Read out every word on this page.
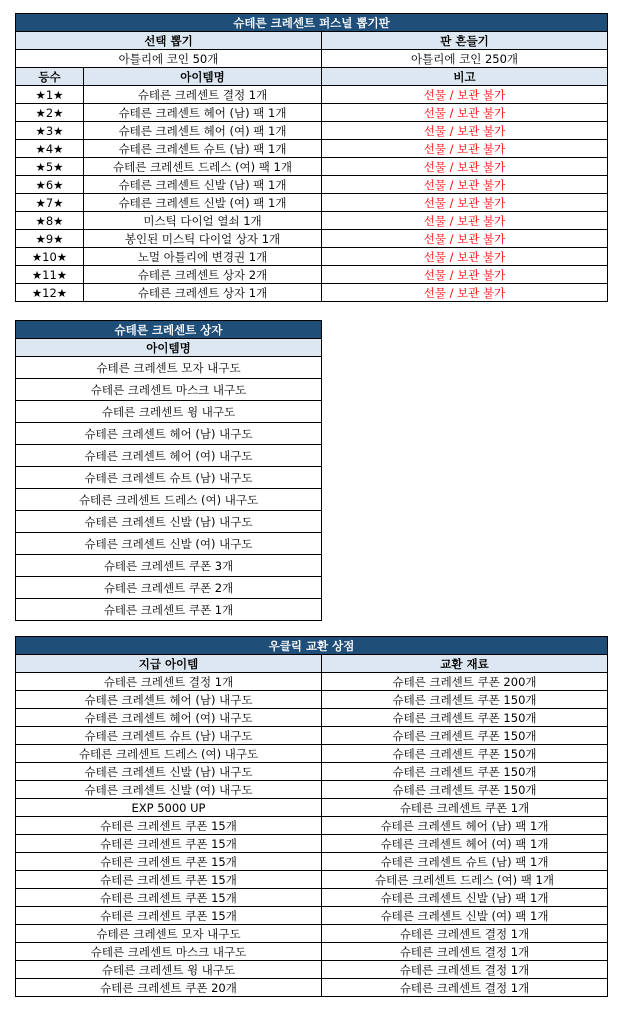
슈테른 크레센트 퍼스널 뽑기판		
선택 뽑기		판 흔들기
아틀리에 코인 50개		아틀리에 코인 250개
등수	아이템명	비고
★1★	슈테른 크레센트 결정 1개	선물 / 보관 불가
★2★	슈테른 크레센트 헤어 (남) 팩 1개	선물 / 보관 불가
★3★	슈테른 크레센트 헤어 (여) 팩 1개	선물 / 보관 불가
★4★	슈테른 크레센트 슈트 (남) 팩 1개	선물 / 보관 불가
★5★	슈테른 크레센트 드레스 (여) 팩 1개	선물 / 보관 불가
★6★	슈테른 크레센트 신발 (남) 팩 1개	선물 / 보관 불가
★7★	슈테른 크레센트 신발 (여) 팩 1개	선물 / 보관 불가
★8★	미스틱 다이얼 열쇠 1개	선물 / 보관 불가
★9★	봉인된 미스틱 다이얼 상자 1개	선물 / 보관 불가
★10★	노멀 아틀리에 변경권 1개	선물 / 보관 불가
★11★	슈테른 크레센트 상자 2개	선물 / 보관 불가
★12★	슈테른 크레센트 상자 1개	선물 / 보관 불가
슈테른 크레센트 상자
아이템명
슈테른 크레센트 모자 내구도
슈테른 크레센트 마스크 내구도
슈테른 크레센트 윙 내구도
슈테른 크레센트 헤어 (남) 내구도
슈테른 크레센트 헤어 (여) 내구도
슈테른 크레센트 슈트 (남) 내구도
슈테른 크레센트 드레스 (여) 내구도
슈테른 크레센트 신발 (남) 내구도
슈테른 크레센트 신발 (여) 내구도
슈테른 크레센트 쿠폰 3개
슈테른 크레센트 쿠폰 2개
슈테른 크레센트 쿠폰 1개
우클릭 교환 상점	
지급 아이템	교환 재료
슈테른 크레센트 결정 1개	슈테른 크레센트 쿠폰 200개
슈테른 크레센트 헤어 (남) 내구도	슈테른 크레센트 쿠폰 150개
슈테른 크레센트 헤어 (여) 내구도	슈테른 크레센트 쿠폰 150개
슈테른 크레센트 슈트 (남) 내구도	슈테른 크레센트 쿠폰 150개
슈테른 크레센트 드레스 (여) 내구도	슈테른 크레센트 쿠폰 150개
슈테른 크레센트 신발 (남) 내구도	슈테른 크레센트 쿠폰 150개
슈테른 크레센트 신발 (여) 내구도	슈테른 크레센트 쿠폰 150개
EXP 5000 UP	슈테른 크레센트 쿠폰 1개
슈테른 크레센트 쿠폰 15개	슈테른 크레센트 헤어 (남) 팩 1개
슈테른 크레센트 쿠폰 15개	슈테른 크레센트 헤어 (여) 팩 1개
슈테른 크레센트 쿠폰 15개	슈테른 크레센트 슈트 (남) 팩 1개
슈테른 크레센트 쿠폰 15개	슈테른 크레센트 드레스 (여) 팩 1개
슈테른 크레센트 쿠폰 15개	슈테른 크레센트 신발 (남) 팩 1개
슈테른 크레센트 쿠폰 15개	슈테른 크레센트 신발 (여) 팩 1개
슈테른 크레센트 모자 내구도	슈테른 크레센트 결정 1개
슈테른 크레센트 마스크 내구도	슈테른 크레센트 결정 1개
슈테른 크레센트 윙 내구도	슈테른 크레센트 결정 1개
슈테른 크레센트 쿠폰 20개	슈테른 크레센트 결정 1개
